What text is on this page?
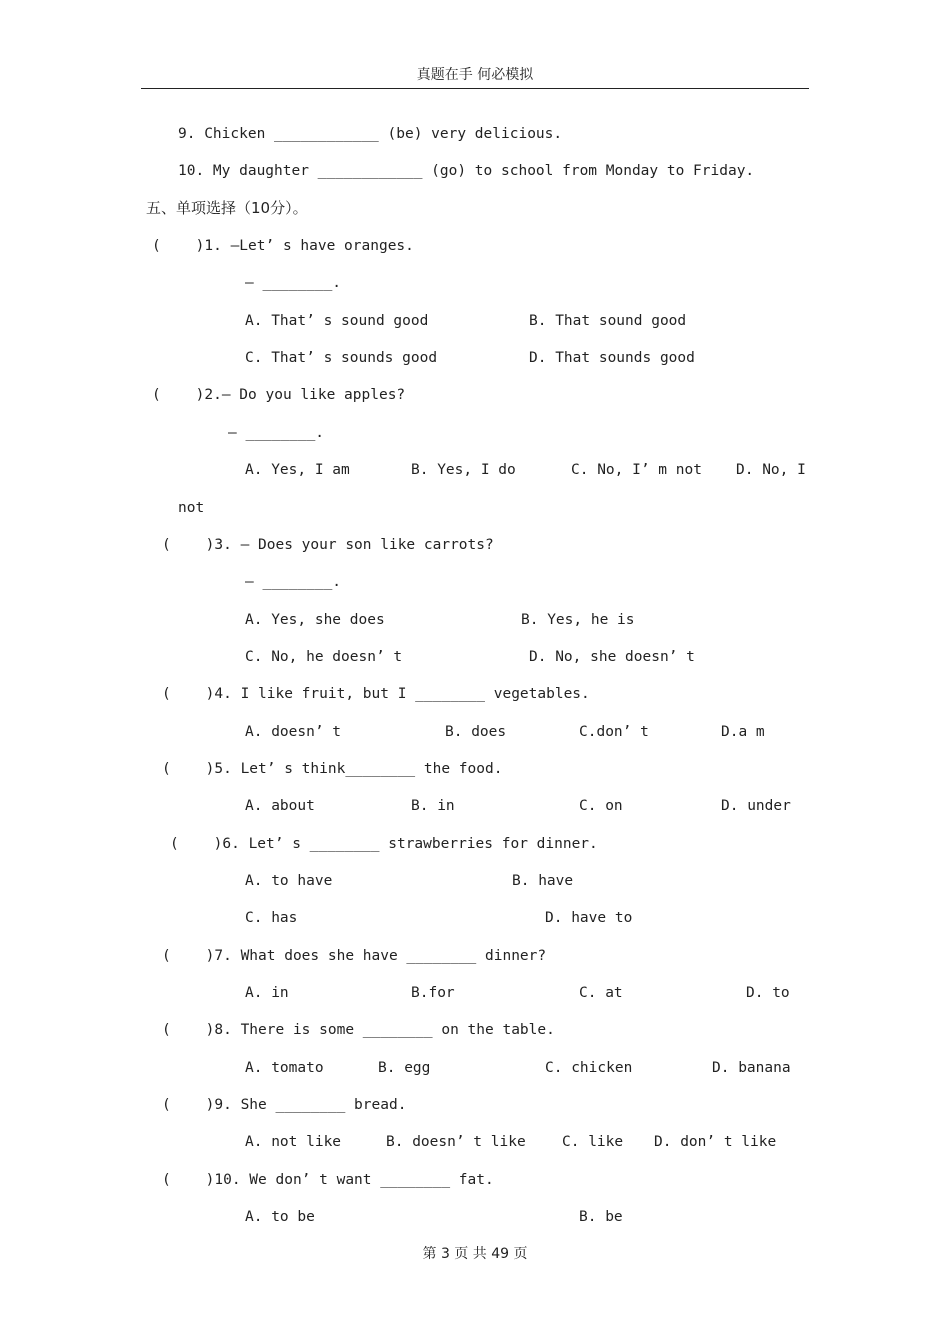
真题在手 何必模拟
9. Chicken ____________ (be) very delicious.
10. My daughter ____________ (go) to school from Monday to Friday.
五、单项选择（10分）。
(    )1. —Let’ s have oranges.
— ________.
A. That’ s sound good	B. That sound good
C. That’ s sounds good	D. That sounds good
(    )2.— Do you like apples?
— ________.
A. Yes, I am	B. Yes, I do	C. No, I’ m not D. No, I
not
(    )3. — Does your son like carrots?
— ________.
A. Yes, she does	B. Yes, he is
C. No, he doesn’ t	D. No, she doesn’ t
(    )4. I like fruit, but I ________ vegetables.
A. doesn’ t	B. does	C.don’ t	D.a m
(    )5. Let’ s think________ the food.
A. about	B. in	C. on	D. under
(    )6. Let’ s ________ strawberries for dinner.
A. to have	B. have
C. has	D. have to
(    )7. What does she have ________ dinner?
A. in	B.for	C. at	D. to
(    )8. There is some ________ on the table.
A. tomato	B. egg	C. chicken	D. banana
(    )9. She ________ bread.
A. not like	B. doesn’ t like	C. like D. don’ t like
(    )10. We don’ t want ________ fat.
A. to be	B. be
第 3 页 共 49 页
